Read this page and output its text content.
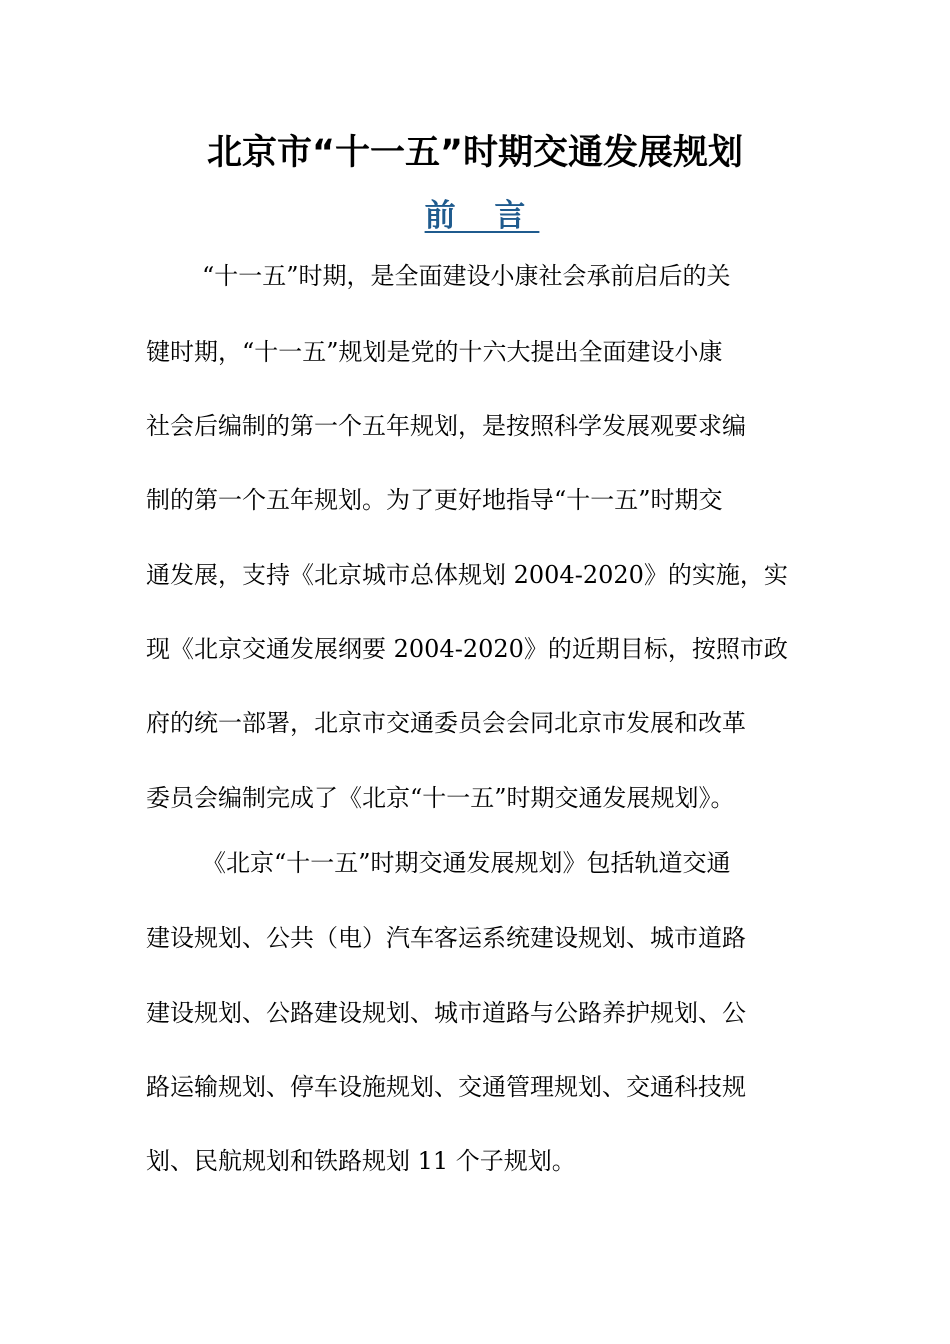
北京市“十一五”时期交通发展规划
前 言
“十一五”时期，是全面建设小康社会承前启后的关
键时期，“十一五”规划是党的十六大提出全面建设小康
社会后编制的第一个五年规划，是按照科学发展观要求编
制的第一个五年规划。为了更好地指导“十一五”时期交
通发展，支持《北京城市总体规划 2004-2020》的实施，实
现《北京交通发展纲要 2004-2020》的近期目标，按照市政
府的统一部署，北京市交通委员会会同北京市发展和改革
委员会编制完成了《北京“十一五”时期交通发展规划》。
《北京“十一五”时期交通发展规划》包括轨道交通
建设规划、公共（电）汽车客运系统建设规划、城市道路
建设规划、公路建设规划、城市道路与公路养护规划、公
路运输规划、停车设施规划、交通管理规划、交通科技规
划、民航规划和铁路规划 11 个子规划。
